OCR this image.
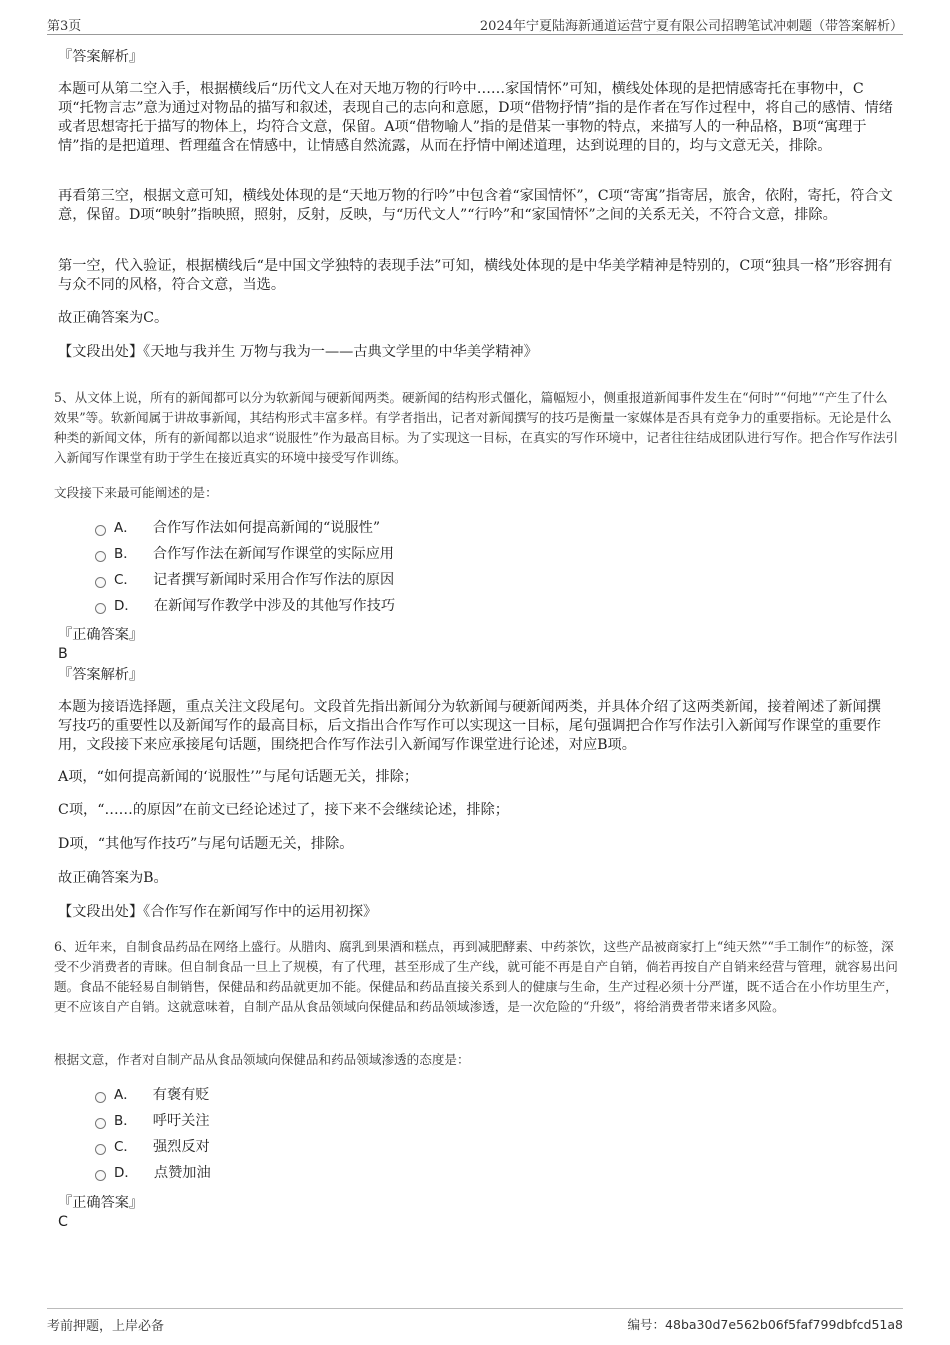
第3页	2024年宁夏陆海新通道运营宁夏有限公司招聘笔试冲刺题（带答案解析）
『答案解析』

本题可从第二空入手，根据横线后“历代文人在对天地万物的行吟中……家国情怀”可知，横线处体现的是把情感寄托在事物中，C项“托物言志”意为通过对物品的描写和叙述，表现自己的志向和意愿，D项“借物抒情”指的是作者在写作过程中，将自己的感情、情绪或者思想寄托于描写的物体上，均符合文意，保留。A项“借物喻人”指的是借某一事物的特点，来描写人的一种品格，B项“寓理于情”指的是把道理、哲理蕴含在情感中，让情感自然流露，从而在抒情中阐述道理，达到说理的目的，均与文意无关，排除。

再看第三空，根据文意可知，横线处体现的是“天地万物的行吟”中包含着“家国情怀”，C项“寄寓”指寄居，旅舍，依附，寄托，符合文意，保留。D项“映射”指映照，照射，反射，反映，与“历代文人”“行吟”和“家国情怀”之间的关系无关，不符合文意，排除。

第一空，代入验证，根据横线后“是中国文学独特的表现手法”可知，横线处体现的是中华美学精神是特别的，C项“独具一格”形容拥有与众不同的风格，符合文意，当选。

故正确答案为C。

【文段出处】《天地与我并生 万物与我为一——古典文学里的中华美学精神》

5、从文体上说，所有的新闻都可以分为软新闻与硬新闻两类。硬新闻的结构形式僵化，篇幅短小，侧重报道新闻事件发生在“何时”“何地”“产生了什么效果”等。软新闻属于讲故事新闻，其结构形式丰富多样。有学者指出，记者对新闻撰写的技巧是衡量一家媒体是否具有竞争力的重要指标。无论是什么种类的新闻文体，所有的新闻都以追求“说服性”作为最高目标。为了实现这一目标，在真实的写作环境中，记者往往结成团队进行写作。把合作写作法引入新闻写作课堂有助于学生在接近真实的环境中接受写作训练。

文段接下来最可能阐述的是：

A． 合作写作法如何提高新闻的“说服性”
B． 合作写作法在新闻写作课堂的实际应用
C． 记者撰写新闻时采用合作写作法的原因
D． 在新闻写作教学中涉及的其他写作技巧
『正确答案』
B
『答案解析』

本题为接语选择题，重点关注文段尾句。文段首先指出新闻分为软新闻与硬新闻两类，并具体介绍了这两类新闻，接着阐述了新闻撰写技巧的重要性以及新闻写作的最高目标，后文指出合作写作可以实现这一目标，尾句强调把合作写作法引入新闻写作课堂的重要作用，文段接下来应承接尾句话题，围绕把合作写作法引入新闻写作课堂进行论述，对应B项。

A项，“如何提高新闻的‘说服性’”与尾句话题无关，排除；

C项，“……的原因”在前文已经论述过了，接下来不会继续论述，排除；

D项，“其他写作技巧”与尾句话题无关，排除。

故正确答案为B。

【文段出处】《合作写作在新闻写作中的运用初探》

6、近年来，自制食品药品在网络上盛行。从腊肉、腐乳到果酒和糕点，再到减肥酵素、中药茶饮，这些产品被商家打上“纯天然”“手工制作”的标签，深受不少消费者的青睐。但自制食品一旦上了规模，有了代理，甚至形成了生产线，就可能不再是自产自销，倘若再按自产自销来经营与管理，就容易出问题。食品不能轻易自制销售，保健品和药品就更加不能。保健品和药品直接关系到人的健康与生命，生产过程必须十分严谨，既不适合在小作坊里生产，更不应该自产自销。这就意味着，自制产品从食品领域向保健品和药品领域渗透，是一次危险的“升级”，将给消费者带来诸多风险。

根据文意，作者对自制产品从食品领域向保健品和药品领域渗透的态度是：

A． 有褒有贬
B． 呼吁关注
C． 强烈反对
D． 点赞加油
『正确答案』
C
考前押题，上岸必备	编号：48ba30d7e562b06f5faf799dbfcd51a8
